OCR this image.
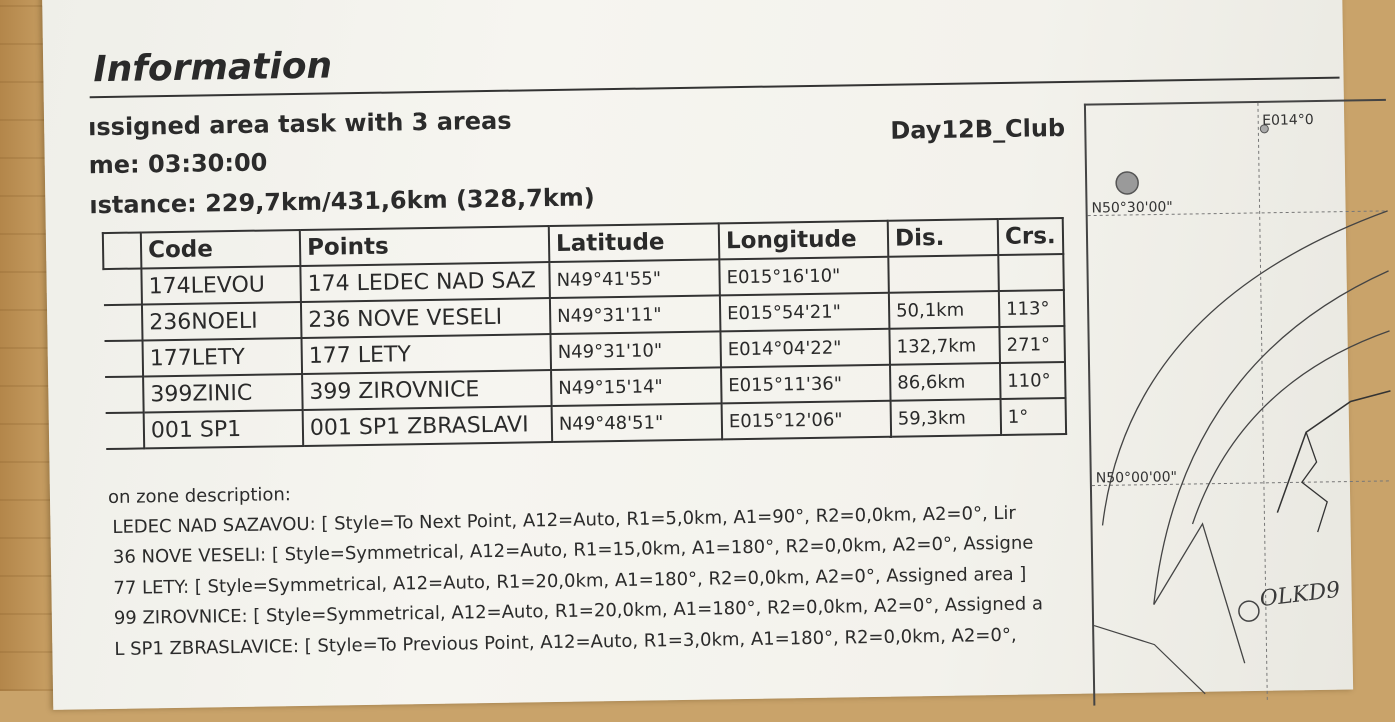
Information
ıssigned area task with 3 areas
me: 03:30:00
ıstance: 229,7km/431,6km (328,7km)
Day12B_Club
	Code	Points	Latitude	Longitude	Dis.	Crs.
	174LEVOU	174 LEDEC NAD SAZ	N49°41'55"	E015°16'10"		
	236NOELI	236 NOVE VESELI	N49°31'11"	E015°54'21"	50,1km	113°
	177LETY	177 LETY	N49°31'10"	E014°04'22"	132,7km	271°
	399ZINIC	399 ZIROVNICE	N49°15'14"	E015°11'36"	86,6km	110°
	001 SP1	001 SP1 ZBRASLAVI	N49°48'51"	E015°12'06"	59,3km	1°
on zone description:
LEDEC NAD SAZAVOU: [ Style=To Next Point, A12=Auto, R1=5,0km, A1=90°, R2=0,0km, A2=0°, Lir
36 NOVE VESELI: [ Style=Symmetrical, A12=Auto, R1=15,0km, A1=180°, R2=0,0km, A2=0°, Assigne
77 LETY: [ Style=Symmetrical, A12=Auto, R1=20,0km, A1=180°, R2=0,0km, A2=0°, Assigned area ]
99 ZIROVNICE: [ Style=Symmetrical, A12=Auto, R1=20,0km, A1=180°, R2=0,0km, A2=0°, Assigned a
L SP1 ZBRASLAVICE: [ Style=To Previous Point, A12=Auto, R1=3,0km, A1=180°, R2=0,0km, A2=0°,
N50°30'00"
N50°00'00"
E014°0
OLKD9
